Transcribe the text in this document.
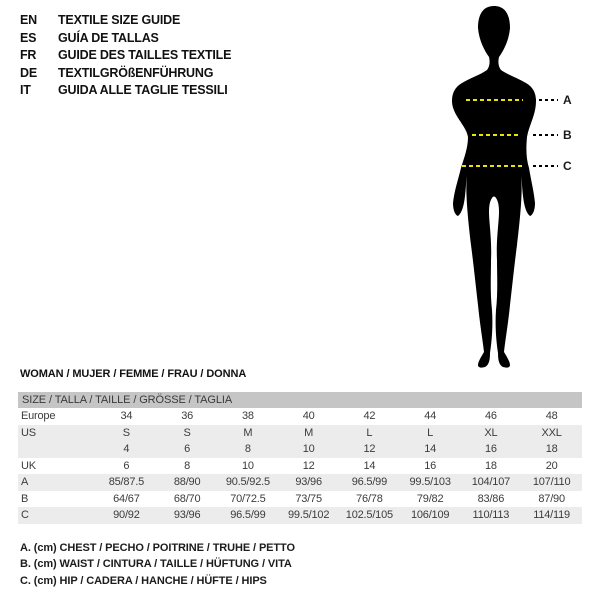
EN	TEXTILE SIZE GUIDE
ES	GUÍA DE TALLAS
FR	GUIDE DES TAILLES TEXTILE
DE	TEXTILGRÖßENFÜHRUNG
IT	GUIDA ALLE TAGLIE TESSILI
A
B
C
WOMAN / MUJER / FEMME / FRAU / DONNA
SIZE / TALLA / TAILLE / GRÖSSE / TAGLIA
Europe	34	36	38	40	42	44	46	48
US	S	S	M	M	L	L	XL	XXL
	4	6	8	10	12	14	16	18
UK	6	8	10	12	14	16	18	20
A	85/87.5	88/90	90.5/92.5	93/96	96.5/99	99.5/103	104/107	107/110
B	64/67	68/70	70/72.5	73/75	76/78	79/82	83/86	87/90
C	90/92	93/96	96.5/99	99.5/102	102.5/105	106/109	110/113	114/119
A. (cm) CHEST / PECHO / POITRINE / TRUHE / PETTO
B. (cm) WAIST / CINTURA / TAILLE / HÜFTUNG / VITA
C. (cm) HIP / CADERA / HANCHE / HÜFTE / HIPS
